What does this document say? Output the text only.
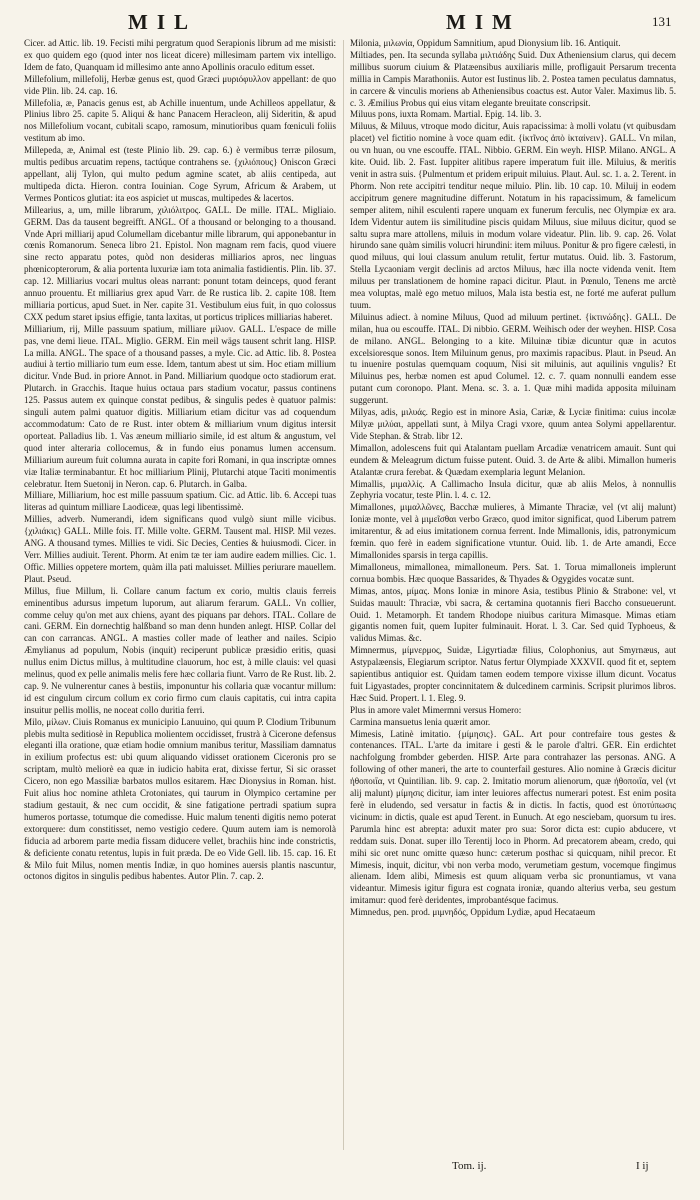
MIL	MIM	131

Cicer. ad Attic. lib. 19. Fecisti mihi pergratum quod Serapionis librum ad me misisti: ex quo quidem ego (quod inter nos liceat dicere) millesimam partem vix intelligo. Idem de fato, Quanquam id millesimo ante anno Apollinis oraculo editum esset.

Millefolium, millefolij, Herbæ genus est, quod Græci μυριόφυλλον appellant: de quo vide Plin. lib. 24. cap. 16.

Millefolia, æ, Panacis genus est, ab Achille inuentum, unde Achilleos appellatur, & Plinius libro 25. capite 5. Aliqui & hanc Panacem Heracleon, alij Sideritin, & apud nos Millefolium vocant, cubitali scapo, ramosum, minutioribus quam fœniculi foliis vestitum ab imo.

Millepeda, æ, Animal est (teste Plinio lib. 29. cap. 6.) è vermibus terræ pilosum, multis pedibus arcuatim repens, tactúque contrahens se. {χιλιόπους} Oniscon Græci appellant, alij Tylon, qui multo pedum agmine scatet, ab aliis centipeda, aut multipeda dicta. Hieron. contra Iouinian. Coge Syrum, Africum & Arabem, ut Vermes Ponticos glutiat: ita eos aspiciet ut muscas, multipedes & lacertos.

Millearius, a, um, mille librarum, χιλιόλιτρος. GALL. De mille. ITAL. Migliaio. GERM. Das da tausent begreifft. ANGL. Of a thousand or belonging to a thousand. Vnde Apri milliarij apud Columellam dicebantur mille librarum, qui apponebantur in cœnis Romanorum. Seneca libro 21. Epistol. Non magnam rem facis, quod viuere sine recto apparatu potes, quòd non desideras milliarios apros, nec linguas phœnicopterorum, & alia portenta luxuriæ iam tota animalia fastidientis. Plin. lib. 37. cap. 12. Milliarius vocari multus oleas narrant: ponunt totam deinceps, quod ferant annuo prouentu. Et milliarius grex apud Varr. de Re rustica lib. 2. capite 108. Item milliaria porticus, apud Suet. in Ner. capite 31. Vestibulum eius fuit, in quo colossus CXX pedum staret ipsius effigie, tanta laxitas, ut porticus triplices milliarias haberet.

Milliarium, rij, Mille passuum spatium, milliare μίλιον. GALL. L'espace de mille pas, vne demi lieue. ITAL. Miglio. GERM. Ein meil wägs tausent schrit lang. HISP. La milla. ANGL. The space of a thousand passes, a myle. Cic. ad Attic. lib. 8. Postea audiui à tertio milliario tum eum esse. Idem, tantum abest ut sim. Hoc etiam millium dicitur. Vnde Bud. in priore Annot. in Pand. Milliarium quodque octo stadiorum erat. Plutarch. in Gracchis. Itaque huius octaua pars stadium vocatur, passus continens 125. Passus autem ex quinque constat pedibus, & singulis pedes è quatuor palmis: singuli autem palmi quatuor digitis. Milliarium etiam dicitur vas ad coquendum accommodatum: Cato de re Rust. inter obtem & milliarium vnum digitus intersit oporteat. Palladius lib. 1. Vas æneum milliario simile, id est altum & angustum, vel quod inter alteraria collocemus, & in fundo eius ponamus lumen accensum. Milliarium aureum fuit columna aurata in capite fori Romani, in qua inscriptæ omnes viæ Italiæ terminabantur. Et hoc milliarium Plinij, Plutarchi atque Taciti monimentis celebratur. Item Suetonij in Neron. cap. 6. Plutarch. in Galba.

Milliare, Milliarium, hoc est mille passuum spatium. Cic. ad Attic. lib. 6. Accepi tuas literas ad quintum milliare Laodiceæ, quas legi libentissimè.

Millies, adverb. Numerandi, idem significans quod vulgò siunt mille vicibus. {χιλιάκις} GALL. Mille fois. IT. Mille volte. GERM. Tausent mal. HISP. Mil vezes. ANG. A thousand tymes. Millies te vidi. Sic Decies, Centies & huiusmodi. Cicer. in Verr. Millies audiuit. Terent. Phorm. At enim tæ ter iam audire eadem millies. Cic. 1. Offic. Millies oppetere mortem, quàm illa pati maluisset. Millies periurare mauellem. Plaut. Pseud.

Millus, fiue Millum, li. Collare canum factum ex corio, multis clauis ferreis eminentibus adursus impetum luporum, aut aliarum ferarum. GALL. Vn collier, comme celuy qu'on met aux chiens, ayant des piquans par dehors. ITAL. Collare de cani. GERM. Ein dornechtig halßband so man denn hunden anlegt. HISP. Collar del can con carrancas. ANGL. A masties coller made of leather and nailes. Scipio Æmylianus ad populum, Nobis (inquit) reciperunt publicæ præsidio eritis, quasi nullus enim Dictus millus, à multitudine clauorum, hoc est, à mille clauis: vel quasi melinus, quod ex pelle animalis melis fere hæc collaria fiunt. Varro de Re Rust. lib. 2. cap. 9. Ne vulnerentur canes à bestiis, imponuntur his collaria quæ vocantur millum: id est cingulum circum collum ex corio firmo cum clauis capitatis, cui intra capita insuitur pellis mollis, ne noceat collo duritia ferri.

Milo, μίλων. Ciuis Romanus ex municipio Lanuuino, qui quum P. Clodium Tribunum plebis multa seditiosè in Republica molientem occidisset, frustrà à Cicerone defensus eleganti illa oratione, quæ etiam hodie omnium manibus teritur, Massiliam damnatus in exilium profectus est: ubi quum aliquando vidisset orationem Ciceronis pro se scriptam, multò meliorè ea quæ in iudicio habita erat, dixisse fertur, Si sic orasset Cicero, non ego Massiliæ barbatos mullos esitarem. Hæc Dionysius in Roman. hist. Fuit alius hoc nomine athleta Crotoniates, qui taurum in Olympico certamine per stadium gestauit, & nec cum occidit, & sine fatigatione pertradi spatium supra humeros portasse, totumque die comedisse. Huic malum tenenti digitis nemo poterat extorquere: dum constitisset, nemo vestigio cedere. Quum autem iam is nemorolà fiducia ad arborem parte media fissam diducere vellet, brachiis hinc inde constrictis, & deficiente conatu retentus, lupis in fuit præda. De eo Vide Gell. lib. 15. cap. 16. Et & Milo fuit Milus, nomen mentis Indiæ, in quo homines auersis plantis nascuntur, octonos digitos in singulis pedibus habentes. Autor Plin. 7. cap. 2.

Milonia, μιλωνία, Oppidum Samnitium, apud Dionysium lib. 16. Antiquit.

Miltiades, pen. Ita secunda syllaba μιλτιάδης Suid. Dux Atheniensium clarus, qui decem millibus suorum ciuium & Platæensibus auxiliaris mille, profligauit Persarum trecenta millia in Campis Marathoniis. Autor est Iustinus lib. 2. Postea tamen peculatus damnatus, in carcere & vinculis moriens ab Atheniensibus coactus est. Autor Valer. Maximus lib. 5. c. 3. Æmilius Probus qui eius vitam elegante breuitate conscripsit.

Miluus pons, iuxta Romam. Martial. Epig. 14. lib. 3.

Miluus, & Miluus, vtroque modo dicitur, Auis rapacissima: à molli volatu (vt quibusdam placet) vel fictitio nomine à voce quam edit. {ἰκτῖνος ἀπὸ ἰκταίνειν}. GALL. Vn milan, ou vn huan, ou vne escouffe. ITAL. Nibbio. GERM. Ein weyh. HISP. Milano. ANGL. A kite. Ouid. lib. 2. Fast. Iuppiter alitibus rapere imperatum fuit ille. Miluius, & meritis venit in astra suis. {Pulmentum et pridem eripuit miluius. Plaut. Aul. sc. 1. a. 2. Terent. in Phorm. Non rete accipitri tenditur neque miluio. Plin. lib. 10 cap. 10. Miluij in eodem accipitrum genere magnitudine differunt. Notatum in his rapacissimum, & famelicum semper alitem, nihil esculenti rapere unquam ex funerum ferculis, nec Olympiæ ex ara. Idem Videntur autem iis similitudine piscis quidam Miluus, siue miluus dicitur, quod se saltu supra mare attollens, miluis in modum volare videatur. Plin. lib. 9. cap. 26. Volat hirundo sane quàm similis volucri hirundini: item miluus. Ponitur & pro figere cælesti, in quod miluus, qui loui classum anulum retulit, fertur mutatus. Ouid. lib. 3. Fastorum, Stella Lycaoniam vergit declinis ad arctos Miluus, hæc illa nocte videnda venit. Item miluus per translationem de homine rapaci dicitur. Plaut. in Pœnulo, Tenens me arctè mea voluptas, malè ego metuo miluos, Mala ista bestia est, ne forté me auferat pullum tuum.

Miluinus adiect. à nomine Miluus, Quod ad miluum pertinet. {ἰκτινώδης}. GALL. De milan, hua ou escouffe. ITAL. Di nibbio. GERM. Weihisch oder der weyhen. HISP. Cosa de milano. ANGL. Belonging to a kite. Miluinæ tibiæ dicuntur quæ in acutos excelsioresque sonos. Item Miluinum genus, pro maximis rapacibus. Plaut. in Pseud. An tu inuenire postulas quemquam coquum, Nisi sit miluinis, aut aquilinis vngulis? Et Miluinus pes, herbæ nomen est apud Columel. 12. c. 7. quam nonnulli eandem esse putant cum coronopo. Plant. Mena. sc. 3. a. 1. Quæ mihi madida apposita miluinam suggerunt.

Milyas, adis, μιλυάς. Regio est in minore Asia, Cariæ, & Lyciæ finitima: cuius incolæ Milyæ μιλύαι, appellati sunt, à Milya Cragi vxore, quum antea Solymi appellarentur. Vide Stephan. & Strab. libr 12.

Mimallon, adolescens fuit qui Atalantam puellam Arcadiæ venatricem amauit. Sunt qui eundem & Meleagrum dictum fuisse putent. Ouid. 3. de Arte & alibi. Mimallon humeris Atalantæ crura ferebat. & Quædam exemplaria legunt Melanion.

Mimallis, μιμαλλίς. A Callimacho Insula dicitur, quæ ab aliis Melos, à nonnullis Zephyria vocatur, teste Plin. l. 4. c. 12.

Mimallones, μιμαλλῶνες, Bacchæ mulieres, à Mimante Thraciæ, vel (vt alij malunt) Ioniæ monte, vel à μιμεῖσθαι verbo Græco, quod imitor significat, quod Liberum patrem imitarentur, & ad eius imitationem cornua ferrent. Inde Mimallonis, idis, patronymicum fœmin. quo ferè in eadem significatione vtuntur. Ouid. lib. 1. de Arte amandi, Ecce Mimallonides sparsis in terga capillis.

Mimalloneus, mimallonea, mimalloneum. Pers. Sat. 1. Torua mimalloneis implerunt cornua bombis. Hæc quoque Bassarides, & Thyades & Ogygides vocatæ sunt.

Mimas, antos, μίμας. Mons Ioniæ in minore Asia, testibus Plinio & Strabone: vel, vt Suidas mauult: Thraciæ, vbi sacra, & certamina quotannis fieri Baccho consueuerunt. Ouid. 1. Metamorph. Et tandem Rhodope niuibus caritura Mimasque. Mimas etiam gigantis nomen fuit, quem Iupiter fulminauit. Horat. l. 3. Car. Sed quid Typhoeus, & validus Mimas. &c.

Mimnermus, μίμνερμος, Suidæ, Ligyrtiadæ filius, Colophonius, aut Smyrnæus, aut Astypalæensis, Elegiarum scriptor. Natus fertur Olympiade XXXVII. quod fit et, septem sapientibus antiquior est. Quidam tamen eodem tempore vixisse illum dicunt. Vocatus fuit Ligyastades, propter concinnitatem & dulcedinem carminis. Scripsit plurimos libros. Hæc Suid. Propert. l. 1. Eleg. 9.

Plus in amore valet Mimermni versus Homero:

Carmina mansuetus lenia quærit amor.

Mimesis, Latinè imitatio. {μίμησις}. GAL. Art pour contrefaire tous gestes & contenances. ITAL. L'arte da imitare i gesti & le parole d'altri. GER. Ein erdichtet nachfolgung frombder geberden. HISP. Arte para contrahazer las personas. ANG. A following of other maneri, the arte to counterfail gestures. Alio nomine à Græcis dicitur ἠθοποιΐα, vt Quintilian. lib. 9. cap. 2. Imitatio morum alienorum, quæ ἠθοποιΐα, vel (vt alij malunt) μίμησις dicitur, iam inter leuiores affectus numerari potest. Est enim posita ferè in eludendo, sed versatur in factis & in dictis. In factis, quod est ὑποτύπωσις vicinum: in dictis, quale est apud Terent. in Eunuch. At ego nesciebam, quorsum tu ires. Parumla hinc est abrepta: aduxit mater pro sua: Soror dicta est: cupio abducere, vt reddam suis. Donat. super illo Terentij loco in Phorm. Ad precatorem abeam, credo, qui mihi sic oret nunc omitte quæso hunc: cæterum posthac si quicquam, nihil precor. Et Mimesis, inquit, dicitur, vbi non verba modo, verumetiam gestum, vocemque fingimus alienam. Idem alibi, Mimesis est quum aliquam verba sic pronuntiamus, vt vana videantur. Mimesis igitur figura est cognata ironiæ, quando alterius verba, seu gestum imitamur: quod ferè deridentes, improbantésque facimus.

Mimnedus, pen. prod. μιμνηδός, Oppidum Lydiæ, apud Hecataeum

Tom. ij.	I ij
